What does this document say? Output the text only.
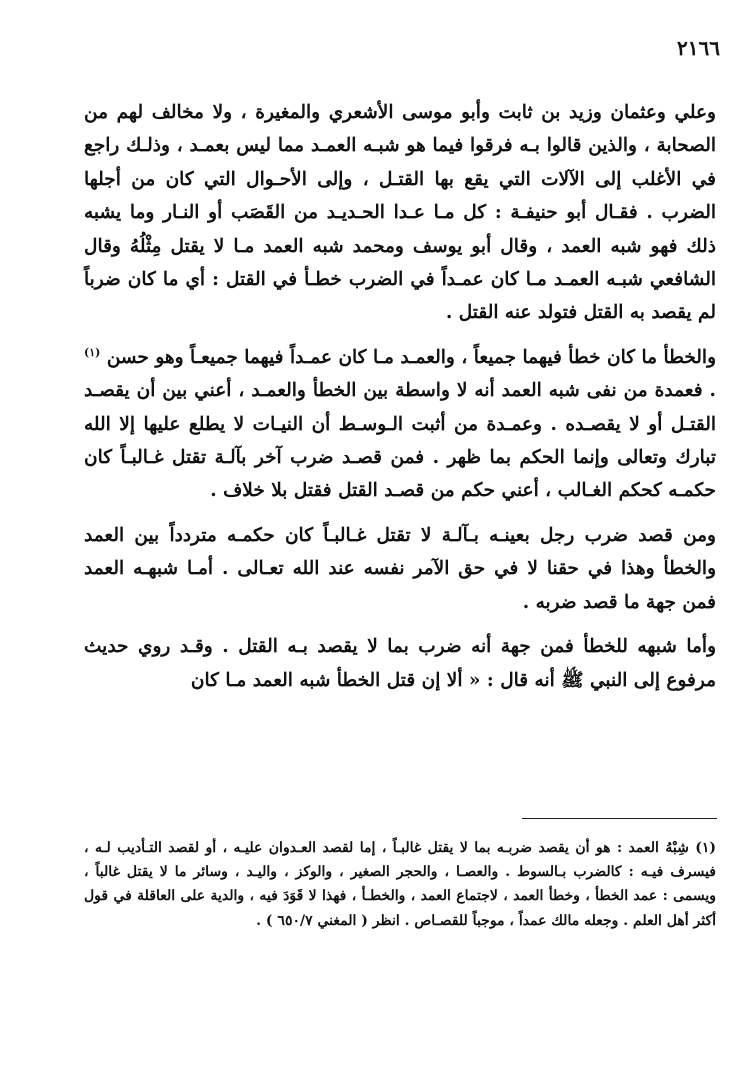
٢١٦٦

وعلي وعثمان وزيد بن ثابت وأبو موسى الأشعري والمغيرة ، ولا مخالف لهم من الصحابة ، والذين قالوا بـه فرقوا فيما هو شبـه العمـد مما ليس بعمـد ، وذلـك راجع في الأغلب إلى الآلات التي يقع بها القتـل ، وإلى الأحـوال التي كان من أجلها الضرب . فقـال أبو حنيفـة : كل مـا عـدا الحـديـد من القَصَب أو النـار وما يشبه ذلك فهو شبه العمد ، وقال أبو يوسف ومحمد شبه العمد مـا لا يقتل مِثْلُهُ وقال الشافعي شبـه العمـد مـا كان عمـداً في الضرب خطـأ في القتل : أي ما كان ضرباً لم يقصد به القتل فتولد عنه القتل .

والخطأ ما كان خطأ فيهما جميعاً ، والعمـد مـا كان عمـداً فيهما جميعـاً وهو حسن $^{(١)}$ . فعمدة من نفى شبه العمد أنه لا واسطة بين الخطأ والعمـد ، أعني بين أن يقصـد القتـل أو لا يقصـده . وعمـدة من أثبت الـوسـط أن النيـات لا يطلع عليها إلا الله تبارك وتعالى وإنما الحكم بما ظهر . فمن قصـد ضرب آخر بآلـة تقتل غـالبـاً كان حكمـه كحكم الغـالب ، أعني حكم من قصـد القتل فقتل بلا خلاف .

ومن قصد ضرب رجل بعينـه بـآلـة لا تقتل غـالبـاً كان حكمـه متردداً بين العمد والخطأ وهذا في حقنا لا في حق الآمر نفسه عند الله تعـالى . أمـا شبهـه العمد فمن جهة ما قصد ضربه .

وأما شبهه للخطأ فمن جهة أنه ضرب بما لا يقصد بـه القتل . وقـد روي حديث مرفوع إلى النبي ﷺ أنه قال : « ألا إن قتل الخطأ شبه العمد مـا كان

(١) شِبْهُ العمد : هو أن يقصد ضربـه بما لا يقتل غالبـاً ، إما لقصد العـدوان عليـه ، أو لقصد التـأديب لـه ، فيسرف فيـه : كالضرب بـالسوط . والعصـا ، والحجر الصغير ، والوكز ، واليـد ، وسائر ما لا يقتل غالباً ، ويسمى : عمد الخطأ ، وخطأ العمد ، لاجتماع العمد ، والخطـأ ، فهذا لا قَوَدَ فيه ، والدية على العاقلة في قول أكثر أهل العلم . وجعله مالك عمداً ، موجباً للقصـاص . انظر ( المغني ٦٥٠/٧ ) .
